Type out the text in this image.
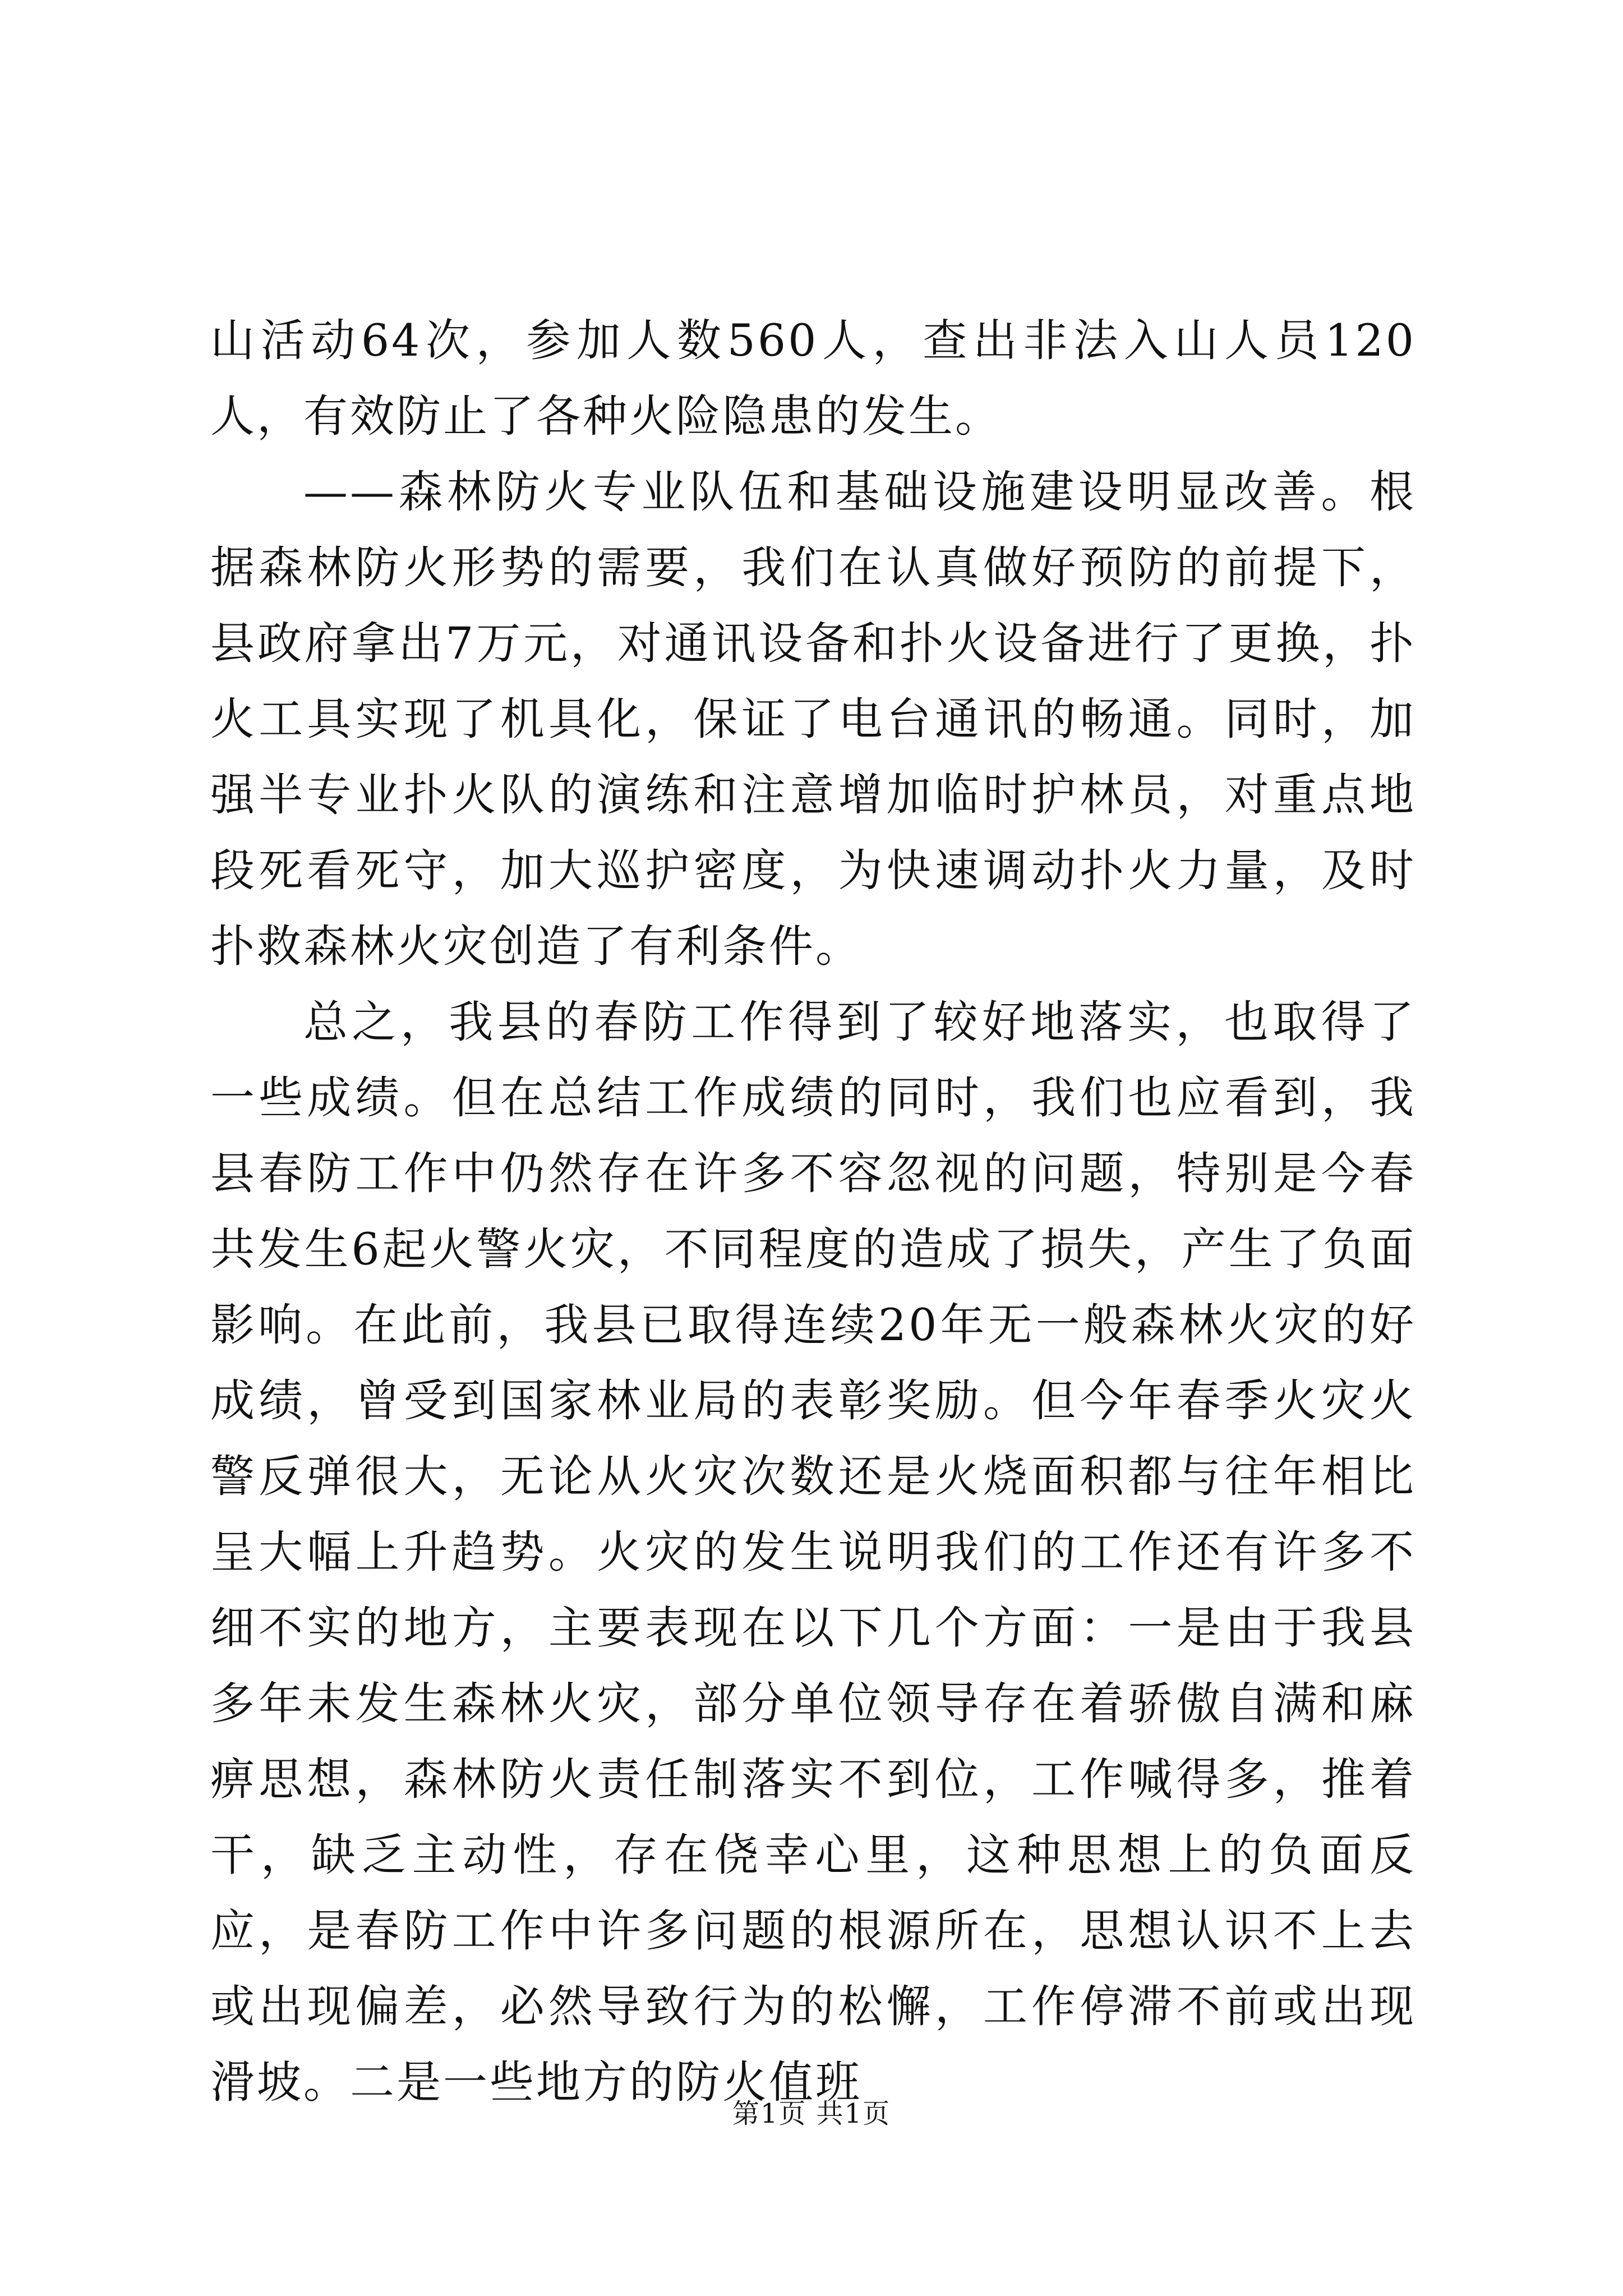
山活动64次，参加人数560人，查出非法入山人员120人，有效防止了各种火险隐患的发生。

——森林防火专业队伍和基础设施建设明显改善。根据森林防火形势的需要，我们在认真做好预防的前提下，县政府拿出7万元，对通讯设备和扑火设备进行了更换，扑火工具实现了机具化，保证了电台通讯的畅通。同时，加强半专业扑火队的演练和注意增加临时护林员，对重点地段死看死守，加大巡护密度，为快速调动扑火力量，及时扑救森林火灾创造了有利条件。

总之，我县的春防工作得到了较好地落实，也取得了一些成绩。但在总结工作成绩的同时，我们也应看到，我县春防工作中仍然存在许多不容忽视的问题，特别是今春共发生6起火警火灾，不同程度的造成了损失，产生了负面影响。在此前，我县已取得连续20年无一般森林火灾的好成绩，曾受到国家林业局的表彰奖励。但今年春季火灾火警反弹很大，无论从火灾次数还是火烧面积都与往年相比呈大幅上升趋势。火灾的发生说明我们的工作还有许多不细不实的地方，主要表现在以下几个方面：一是由于我县多年未发生森林火灾，部分单位领导存在着骄傲自满和麻痹思想，森林防火责任制落实不到位，工作喊得多，推着干，缺乏主动性，存在侥幸心里，这种思想上的负面反应，是春防工作中许多问题的根源所在，思想认识不上去或出现偏差，必然导致行为的松懈，工作停滞不前或出现滑坡。二是一些地方的防火值班

第1页 共1页
